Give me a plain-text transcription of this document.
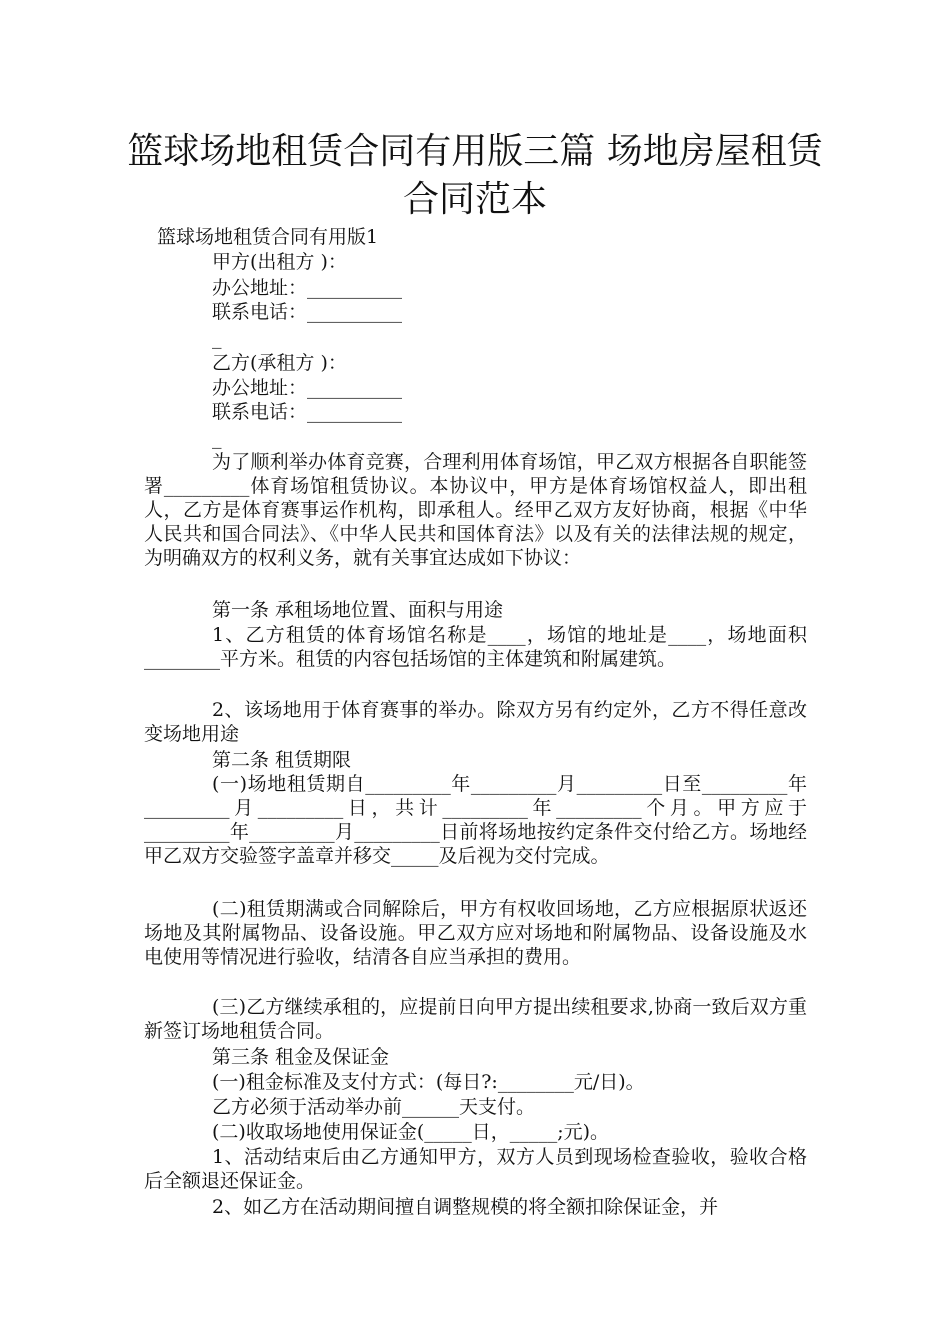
篮球场地租赁合同有用版三篇 场地房屋租赁合同范本

篮球场地租赁合同有用版1

甲方(出租方 )：

办公地址：__________

联系电话：__________

_

乙方(承租方 )：

办公地址：__________

联系电话：__________

_

为了顺利举办体育竞赛，合理利用体育场馆，甲乙双方根据各自职能签署_________体育场馆租赁协议。本协议中，甲方是体育场馆权益人，即出租人，乙方是体育赛事运作机构，即承租人。经甲乙双方友好协商，根据《中华人民共和国合同法》、《中华人民共和国体育法》以及有关的法律法规的规定，为明确双方的权利义务，就有关事宜达成如下协议：

第一条 承租场地位置、面积与用途

1、乙方租赁的体育场馆名称是____，场馆的地址是____，场地面积________平方米。租赁的内容包括场馆的主体建筑和附属建筑。

2、该场地用于体育赛事的举办。除双方另有约定外，乙方不得任意改变场地用途

第二条 租赁期限

(一)场地租赁期自_________年_________月_________日至_________年_________月_________日，共计_________年_________个月。甲方应于_________年_________月_________日前将场地按约定条件交付给乙方。场地经甲乙双方交验签字盖章并移交_____及后视为交付完成。

(二)租赁期满或合同解除后，甲方有权收回场地，乙方应根据原状返还场地及其附属物品、设备设施。甲乙双方应对场地和附属物品、设备设施及水电使用等情况进行验收，结清各自应当承担的费用。

(三)乙方继续承租的，应提前日向甲方提出续租要求,协商一致后双方重新签订场地租赁合同。

第三条 租金及保证金

(一)租金标准及支付方式：(每日?:________元/日)。

乙方必须于活动举办前______天支付。

(二)收取场地使用保证金(_____日，_____;元)。

1、活动结束后由乙方通知甲方，双方人员到现场检查验收，验收合格后全额退还保证金。

2、如乙方在活动期间擅自调整规模的将全额扣除保证金，并
